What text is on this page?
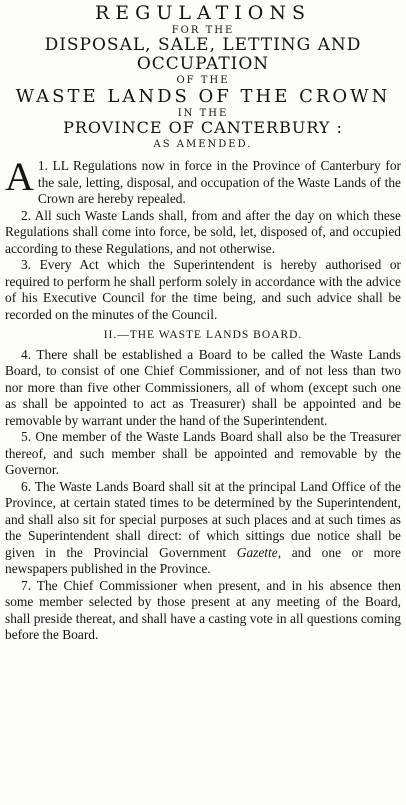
REGULATIONS
FOR THE
DISPOSAL, SALE, LETTING AND
OCCUPATION
OF THE
WASTE LANDS OF THE CROWN
IN THE
PROVINCE OF CANTERBURY :
AS AMENDED.

1.
A LL Regulations now in force in the Province of Canterbury for the sale, letting, disposal, and occupation of the Waste Lands of the Crown are hereby repealed.

2. All such Waste Lands shall, from and after the day on which these Regulations shall come into force, be sold, let, disposed of, and occupied according to these Regulations, and not otherwise.

3. Every Act which the Superintendent is hereby authorised or required to perform he shall perform solely in accordance with the advice of his Executive Council for the time being, and such advice shall be recorded on the minutes of the Council.

II.—THE WASTE LANDS BOARD.

4. There shall be established a Board to be called the Waste Lands Board, to consist of one Chief Commissioner, and of not less than two nor more than five other Commissioners, all of whom (except such one as shall be appointed to act as Treasurer) shall be appointed and be removable by warrant under the hand of the Superintendent.

5. One member of the Waste Lands Board shall also be the Treasurer thereof, and such member shall be appointed and removable by the Governor.

6. The Waste Lands Board shall sit at the principal Land Office of the Province, at certain stated times to be determined by the Superintendent, and shall also sit for special purposes at such places and at such times as the Superintendent shall direct: of which sittings due notice shall be given in the Provincial Government Gazette, and one or more newspapers published in the Province.

7. The Chief Commissioner when present, and in his absence then some member selected by those present at any meeting of the Board, shall preside thereat, and shall have a casting vote in all questions coming before the Board.
